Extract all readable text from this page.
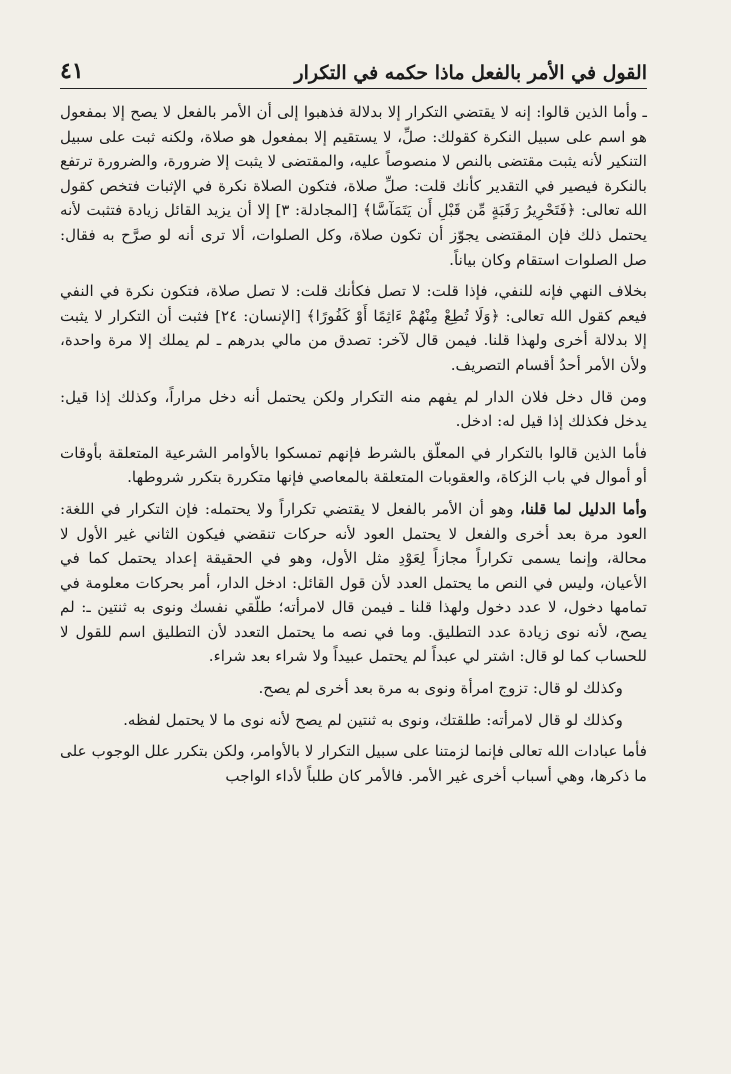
القول في الأمر بالفعل ماذا حكمه في التكرار
٤١

ـ وأما الذين قالوا: إنه لا يقتضي التكرار إلا بدلالة فذهبوا إلى أن الأمر بالفعل لا يصح إلا بمفعول هو اسم على سبيل النكرة كقولك: صلِّ، لا يستقيم إلا بمفعول هو صلاة، ولكنه ثبت على سبيل التنكير لأنه يثبت مقتضى بالنص لا منصوصاً عليه، والمقتضى لا يثبت إلا ضرورة، والضرورة ترتفع بالنكرة فيصير في التقدير كأنك قلت: صلِّ صلاة، فتكون الصلاة نكرة في الإثبات فتخص كقول الله تعالى: ﴿فَتَحْرِيرُ رَقَبَةٍ مِّن قَبْلِ أَن يَتَمَآسَّا﴾ [المجادلة: ٣] إلا أن يزيد القائل زيادة فتثبت لأنه يحتمل ذلك فإن المقتضى يجوّز أن تكون صلاة، وكل الصلوات، ألا ترى أنه لو صرَّح به فقال: صل الصلوات استقام وكان بياناً.

بخلاف النهي فإنه للنفي، فإذا قلت: لا تصل فكأنك قلت: لا تصل صلاة، فتكون نكرة في النفي فيعم كقول الله تعالى: ﴿وَلَا تُطِعْ مِنْهُمْ ءَاثِمًا أَوْ كَفُورًا﴾ [الإنسان: ٢٤] فثبت أن التكرار لا يثبت إلا بدلالة أخرى ولهذا قلنا. فيمن قال لآخر: تصدق من مالي بدرهم ـ لم يملك إلا مرة واحدة، ولأن الأمر أحدُ أقسام التصريف.

ومن قال دخل فلان الدار لم يفهم منه التكرار ولكن يحتمل أنه دخل مراراً، وكذلك إذا قيل: يدخل فكذلك إذا قيل له: ادخل.

فأما الذين قالوا بالتكرار في المعلّق بالشرط فإنهم تمسكوا بالأوامر الشرعية المتعلقة بأوقات أو أموال في باب الزكاة، والعقوبات المتعلقة بالمعاصي فإنها متكررة بتكرر شروطها.

وأما الدليل لما قلنا، وهو أن الأمر بالفعل لا يقتضي تكراراً ولا يحتمله: فإن التكرار في اللغة: العود مرة بعد أخرى والفعل لا يحتمل العود لأنه حركات تنقضي فيكون الثاني غير الأول لا محالة، وإنما يسمى تكراراً مجازاً لِعَوْدِ مثل الأول، وهو في الحقيقة إعداد يحتمل كما في الأعيان، وليس في النص ما يحتمل العدد لأن قول القائل: ادخل الدار، أمر بحركات معلومة في تمامها دخول، لا عدد دخول ولهذا قلنا ـ فيمن قال لامرأته؛ طلّقي نفسك ونوى به ثنتين ـ: لم يصح، لأنه نوى زيادة عدد التطليق. وما في نصه ما يحتمل التعدد لأن التطليق اسم للقول لا للحساب كما لو قال: اشتر لي عبداً لم يحتمل عبيداً ولا شراء بعد شراء.

وكذلك لو قال: تزوج امرأة ونوى به مرة بعد أخرى لم يصح.

وكذلك لو قال لامرأته: طلقتك، ونوى به ثنتين لم يصح لأنه نوى ما لا يحتمل لفظه.

فأما عبادات الله تعالى فإنما لزمتنا على سبيل التكرار لا بالأوامر، ولكن بتكرر علل الوجوب على ما ذكرها، وهي أسباب أخرى غير الأمر. فالأمر كان طلباً لأداء الواجب
